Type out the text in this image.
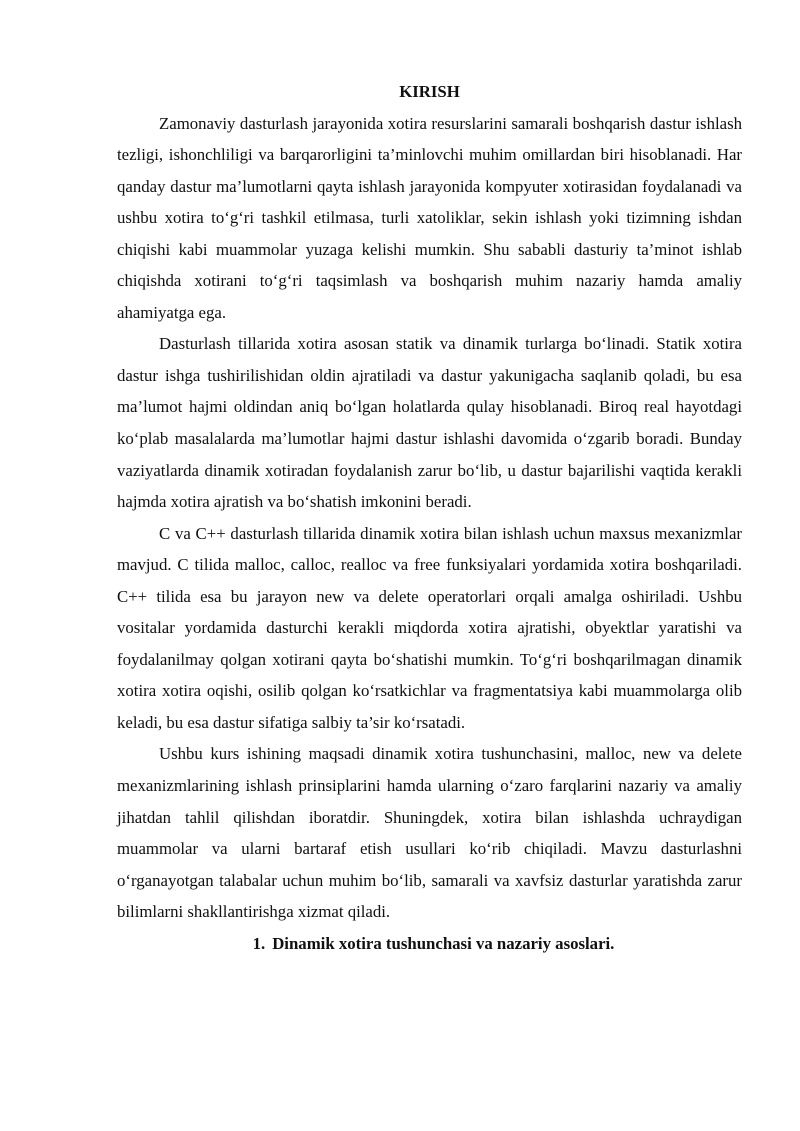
KIRISH

Zamonaviy dasturlash jarayonida xotira resurslarini samarali boshqarish dastur ishlash tezligi, ishonchliligi va barqarorligini ta’minlovchi muhim omillardan biri hisoblanadi. Har qanday dastur ma’lumotlarni qayta ishlash jarayonida kompyuter xotirasidan foydalanadi va ushbu xotira to‘g‘ri tashkil etilmasa, turli xatoliklar, sekin ishlash yoki tizimning ishdan chiqishi kabi muammolar yuzaga kelishi mumkin. Shu sababli dasturiy ta’minot ishlab chiqishda xotirani to‘g‘ri taqsimlash va boshqarish muhim nazariy hamda amaliy ahamiyatga ega.

Dasturlash tillarida xotira asosan statik va dinamik turlarga bo‘linadi. Statik xotira dastur ishga tushirilishidan oldin ajratiladi va dastur yakunigacha saqlanib qoladi, bu esa ma’lumot hajmi oldindan aniq bo‘lgan holatlarda qulay hisoblanadi. Biroq real hayotdagi ko‘plab masalalarda ma’lumotlar hajmi dastur ishlashi davomida o‘zgarib boradi. Bunday vaziyatlarda dinamik xotiradan foydalanish zarur bo‘lib, u dastur bajarilishi vaqtida kerakli hajmda xotira ajratish va bo‘shatish imkonini beradi.

C va C++ dasturlash tillarida dinamik xotira bilan ishlash uchun maxsus mexanizmlar mavjud. C tilida malloc, calloc, realloc va free funksiyalari yordamida xotira boshqariladi. C++ tilida esa bu jarayon new va delete operatorlari orqali amalga oshiriladi. Ushbu vositalar yordamida dasturchi kerakli miqdorda xotira ajratishi, obyektlar yaratishi va foydalanilmay qolgan xotirani qayta bo‘shatishi mumkin. To‘g‘ri boshqarilmagan dinamik xotira xotira oqishi, osilib qolgan ko‘rsatkichlar va fragmentatsiya kabi muammolarga olib keladi, bu esa dastur sifatiga salbiy ta’sir ko‘rsatadi.

Ushbu kurs ishining maqsadi dinamik xotira tushunchasini, malloc, new va delete mexanizmlarining ishlash prinsiplarini hamda ularning o‘zaro farqlarini nazariy va amaliy jihatdan tahlil qilishdan iboratdir. Shuningdek, xotira bilan ishlashda uchraydigan muammolar va ularni bartaraf etish usullari ko‘rib chiqiladi. Mavzu dasturlashni o‘rganayotgan talabalar uchun muhim bo‘lib, samarali va xavfsiz dasturlar yaratishda zarur bilimlarni shakllantirishga xizmat qiladi.

1. Dinamik xotira tushunchasi va nazariy asoslari.
